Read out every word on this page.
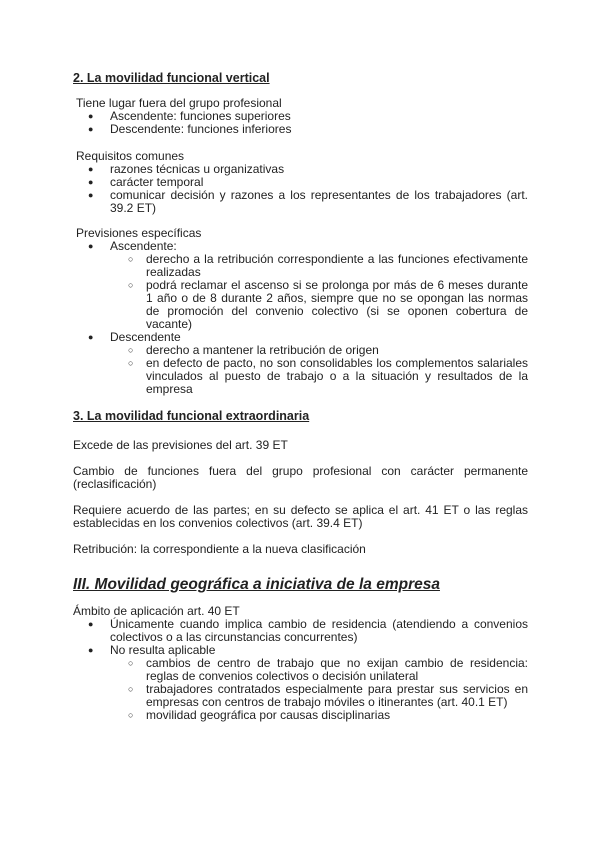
2. La movilidad funcional vertical

Tiene lugar fuera del grupo profesional

● Ascendente: funciones superiores
● Descendente: funciones inferiores

Requisitos comunes

● razones técnicas u organizativas
● carácter temporal
● comunicar decisión y razones a los representantes de los trabajadores (art. 39.2 ET)

Previsiones específicas

● Ascendente:
○ derecho a la retribución correspondiente a las funciones efectivamente realizadas
○ podrá reclamar el ascenso si se prolonga por más de 6 meses durante 1 año o de 8 durante 2 años, siempre que no se opongan las normas de promoción del convenio colectivo (si se oponen cobertura de vacante)
● Descendente
○ derecho a mantener la retribución de origen
○ en defecto de pacto, no son consolidables los complementos salariales vinculados al puesto de trabajo o a la situación y resultados de la empresa

3. La movilidad funcional extraordinaria

Excede de las previsiones del art. 39 ET

Cambio de funciones fuera del grupo profesional con carácter permanente (reclasificación)

Requiere acuerdo de las partes; en su defecto se aplica el art. 41 ET o las reglas establecidas en los convenios colectivos (art. 39.4 ET)

Retribución: la correspondiente a la nueva clasificación

III. Movilidad geográfica a iniciativa de la empresa

Ámbito de aplicación art. 40 ET

● Únicamente cuando implica cambio de residencia (atendiendo a convenios colectivos o a las circunstancias concurrentes)
● No resulta aplicable
○ cambios de centro de trabajo que no exijan cambio de residencia: reglas de convenios colectivos o decisión unilateral
○ trabajadores contratados especialmente para prestar sus servicios en empresas con centros de trabajo móviles o itinerantes (art. 40.1 ET)
○ movilidad geográfica por causas disciplinarias
